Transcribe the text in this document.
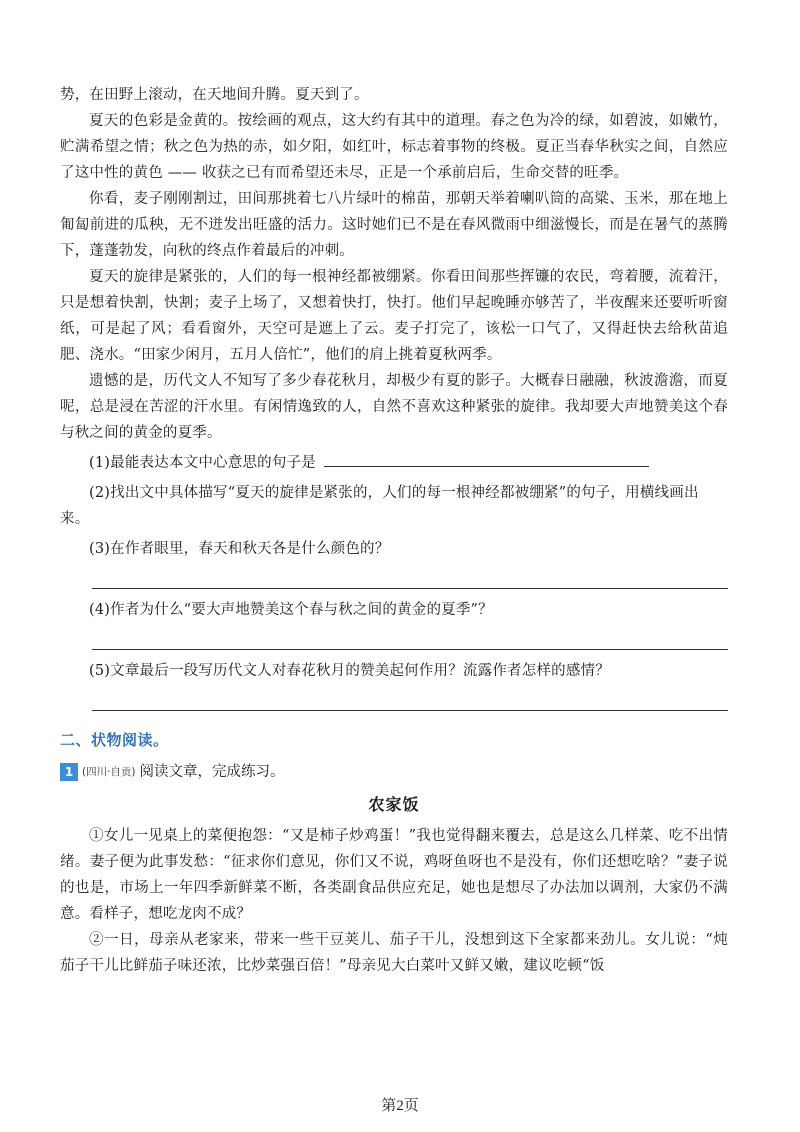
势，在田野上滚动，在天地间升腾。夏天到了。

夏天的色彩是金黄的。按绘画的观点，这大约有其中的道理。春之色为冷的绿，如碧波，如嫩竹，贮满希望之情；秋之色为热的赤，如夕阳，如红叶，标志着事物的终极。夏正当春华秋实之间，自然应了这中性的黄色 —— 收获之已有而希望还未尽，正是一个承前启后，生命交替的旺季。

你看，麦子刚刚割过，田间那挑着七八片绿叶的棉苗，那朝天举着喇叭筒的高粱、玉米，那在地上匍匐前进的瓜秧，无不迸发出旺盛的活力。这时她们已不是在春风微雨中细滋慢长，而是在暑气的蒸腾下，蓬蓬勃发，向秋的终点作着最后的冲刺。

夏天的旋律是紧张的，人们的每一根神经都被绷紧。你看田间那些挥镰的农民，弯着腰，流着汗，只是想着快割，快割；麦子上场了，又想着快打，快打。他们早起晚睡亦够苦了，半夜醒来还要听听窗纸，可是起了风；看看窗外，天空可是遮上了云。麦子打完了，该松一口气了，又得赶快去给秋苗追肥、浇水。“田家少闲月，五月人倍忙”，他们的肩上挑着夏秋两季。

遗憾的是，历代文人不知写了多少春花秋月，却极少有夏的影子。大概春日融融，秋波澹澹，而夏呢，总是浸在苦涩的汗水里。有闲情逸致的人，自然不喜欢这种紧张的旋律。我却要大声地赞美这个春与秋之间的黄金的夏季。

(1)最能表达本文中心意思的句子是

(2)找出文中具体描写“夏天的旋律是紧张的，人们的每一根神经都被绷紧”的句子，用横线画出来。

(3)在作者眼里，春天和秋天各是什么颜色的？

(4)作者为什么“要大声地赞美这个春与秋之间的黄金的夏季”？

(5)文章最后一段写历代文人对春花秋月的赞美起何作用？流露作者怎样的感情？

二、状物阅读。
1 (四川·自贡) 阅读文章，完成练习。
农家饭

①女儿一见桌上的菜便抱怨：“又是柿子炒鸡蛋！”我也觉得翻来覆去，总是这么几样菜、吃不出情绪。妻子便为此事发愁：“征求你们意见，你们又不说，鸡呀鱼呀也不是没有，你们还想吃啥？”妻子说的也是，市场上一年四季新鲜菜不断，各类副食品供应充足，她也是想尽了办法加以调剂，大家仍不满意。看样子，想吃龙肉不成？

②一日，母亲从老家来，带来一些干豆荚儿、茄子干儿，没想到这下全家都来劲儿。女儿说：“炖茄子干儿比鲜茄子味还浓，比炒菜强百倍！”母亲见大白菜叶又鲜又嫩，建议吃顿“饭

第2页
